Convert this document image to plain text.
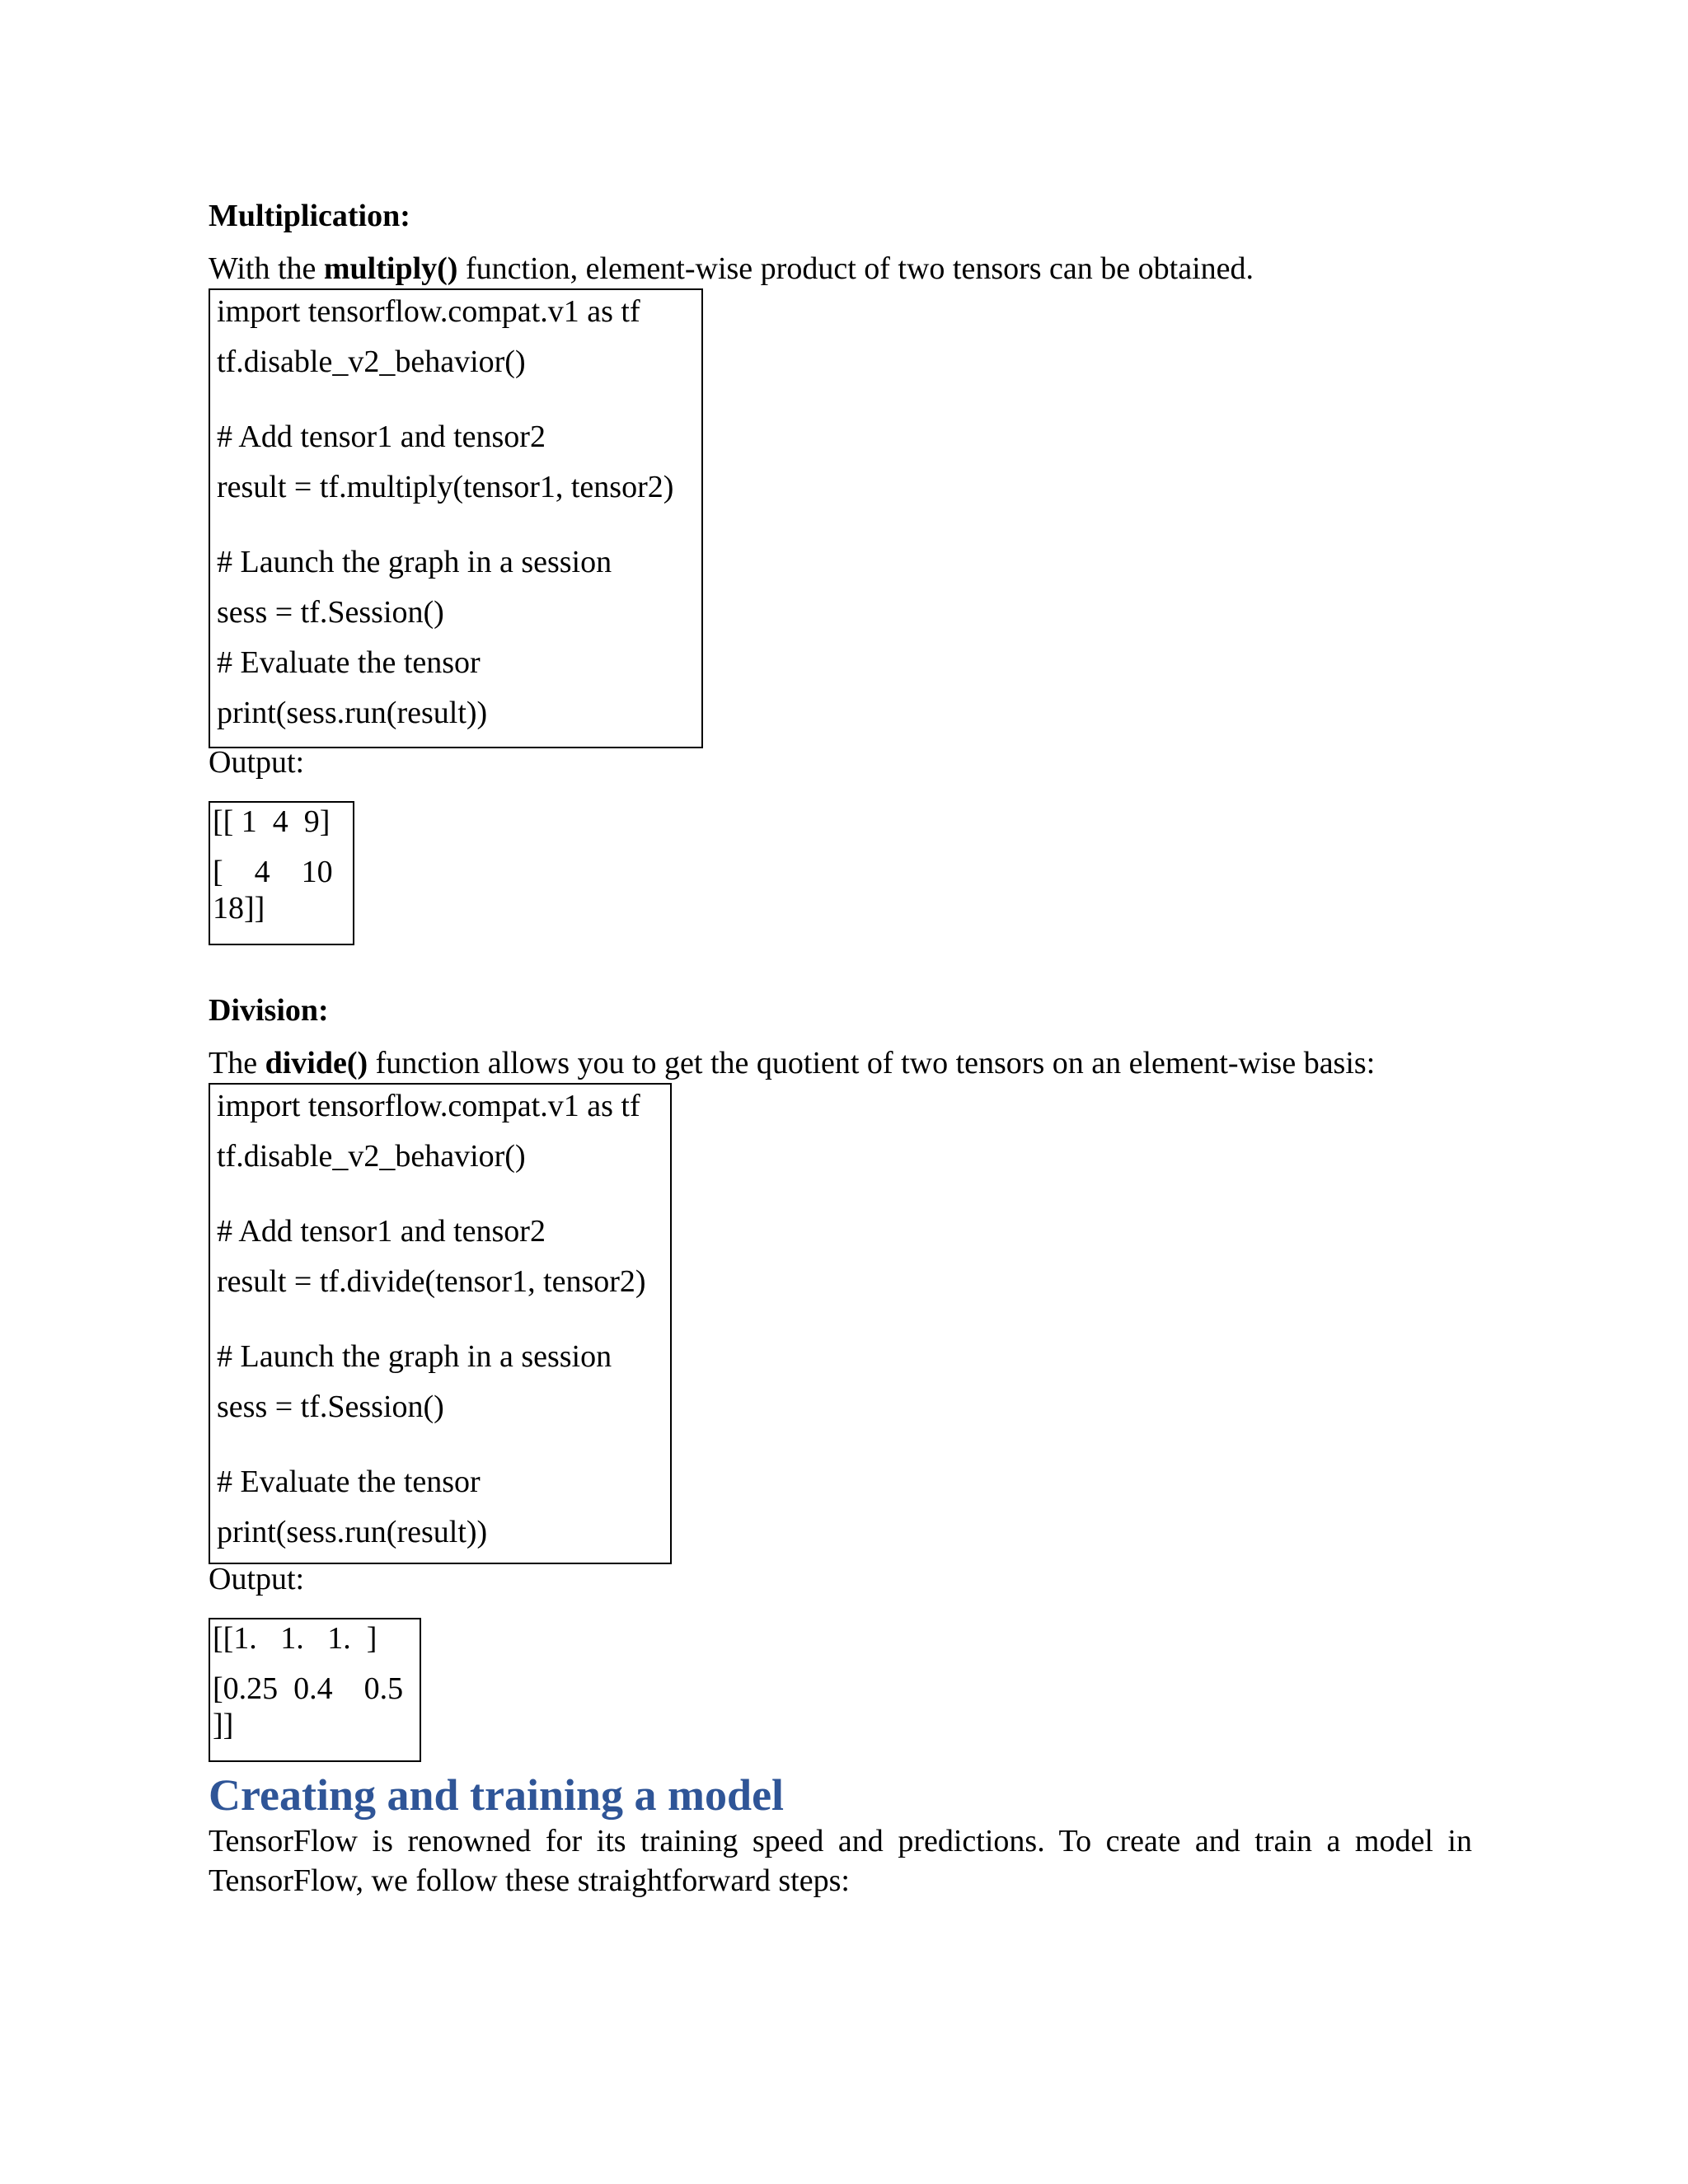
Multiplication:
With the multiply() function, element-wise product of two tensors can be obtained.
import tensorflow.compat.v1 as tf
tf.disable_v2_behavior()
# Add tensor1 and tensor2
result = tf.multiply(tensor1, tensor2)
# Launch the graph in a session
sess = tf.Session()
# Evaluate the tensor
print(sess.run(result))
Output:
[[ 1  4  9]
[    4    10
18]]
Division:
The divide() function allows you to get the quotient of two tensors on an element-wise basis:
import tensorflow.compat.v1 as tf
tf.disable_v2_behavior()
# Add tensor1 and tensor2
result = tf.divide(tensor1, tensor2)
# Launch the graph in a session
sess = tf.Session()
# Evaluate the tensor
print(sess.run(result))
Output:
[[1.   1.   1.  ]
[0.25  0.4    0.5
]]
Creating and training a model
TensorFlow is renowned for its training speed and predictions. To create and train a model in TensorFlow, we follow these straightforward steps:
